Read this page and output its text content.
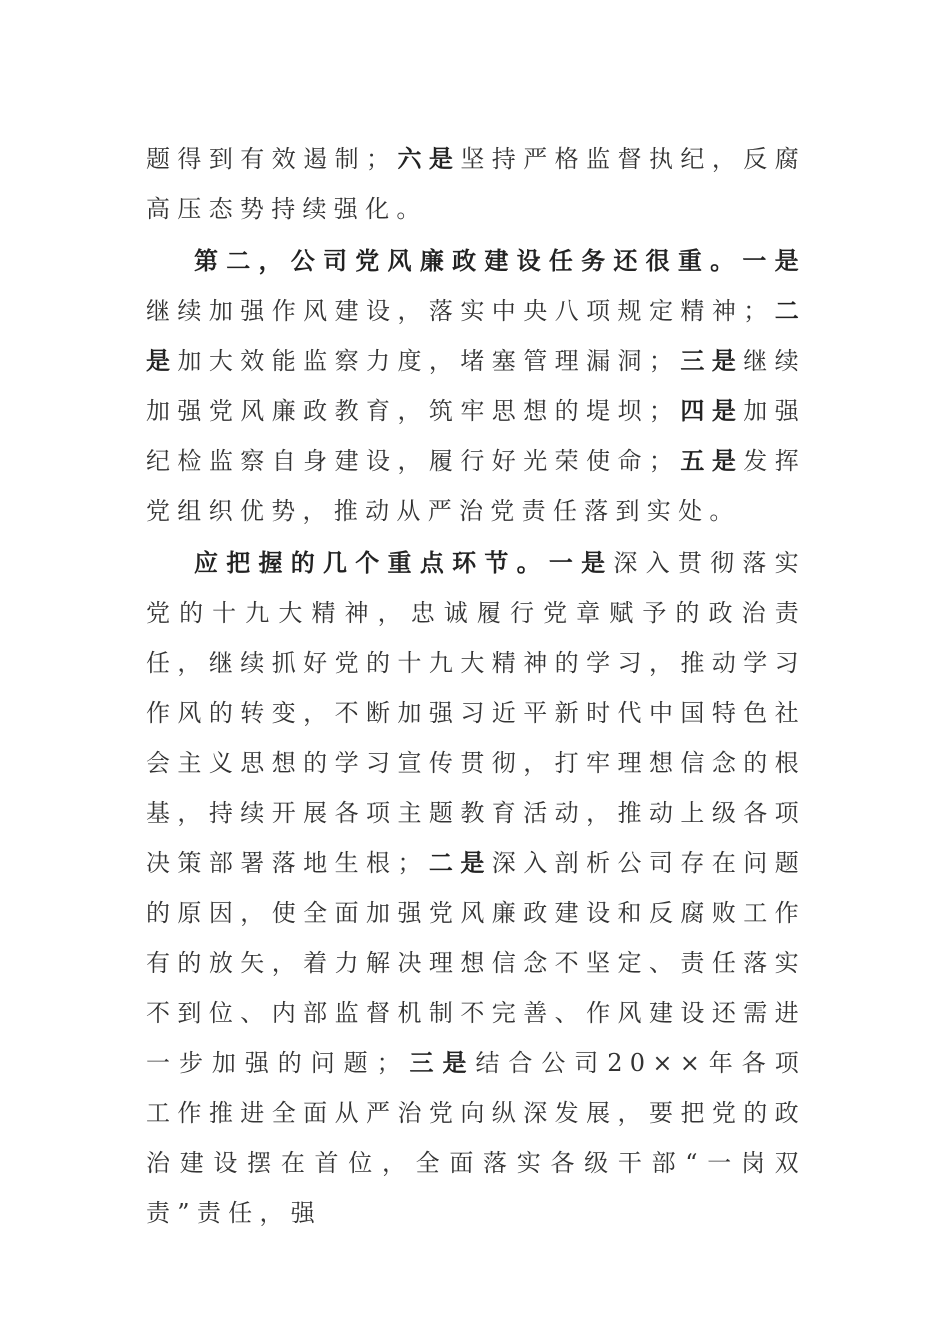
题得到有效遏制；六是坚持严格监督执纪，反腐高压态势持续强化。

第二，公司党风廉政建设任务还很重。一是继续加强作风建设，落实中央八项规定精神；二是加大效能监察力度，堵塞管理漏洞；三是继续加强党风廉政教育，筑牢思想的堤坝；四是加强纪检监察自身建设，履行好光荣使命；五是发挥党组织优势，推动从严治党责任落到实处。

应把握的几个重点环节。一是深入贯彻落实党的十九大精神，忠诚履行党章赋予的政治责任，继续抓好党的十九大精神的学习，推动学习作风的转变，不断加强习近平新时代中国特色社会主义思想的学习宣传贯彻，打牢理想信念的根基，持续开展各项主题教育活动，推动上级各项决策部署落地生根；二是深入剖析公司存在问题的原因，使全面加强党风廉政建设和反腐败工作有的放矢，着力解决理想信念不坚定、责任落实不到位、内部监督机制不完善、作风建设还需进一步加强的问题；三是结合公司20××年各项工作推进全面从严治党向纵深发展，要把党的政治建设摆在首位，全面落实各级干部“一岗双责”责任，强
